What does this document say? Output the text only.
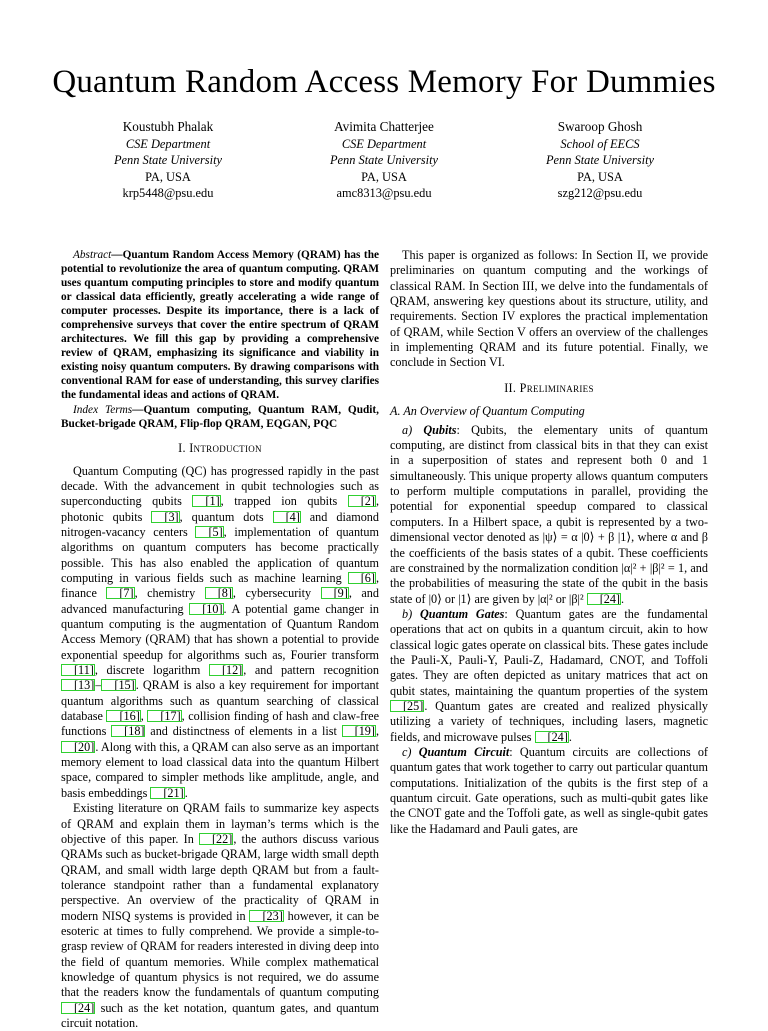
Quantum Random Access Memory For Dummies
Koustubh Phalak
CSE Department
Penn State University
PA, USA
krp5448@psu.edu
Avimita Chatterjee
CSE Department
Penn State University
PA, USA
amc8313@psu.edu
Swaroop Ghosh
School of EECS
Penn State University
PA, USA
szg212@psu.edu

Abstract—Quantum Random Access Memory (QRAM) has the potential to revolutionize the area of quantum computing. QRAM uses quantum computing principles to store and modify quantum or classical data efficiently, greatly accelerating a wide range of computer processes. Despite its importance, there is a lack of comprehensive surveys that cover the entire spectrum of QRAM architectures. We fill this gap by providing a comprehensive review of QRAM, emphasizing its significance and viability in existing noisy quantum computers. By drawing comparisons with conventional RAM for ease of understanding, this survey clarifies the fundamental ideas and actions of QRAM.

Index Terms—Quantum computing, Quantum RAM, Qudit, Bucket-brigade QRAM, Flip-flop QRAM, EQGAN, PQC

I. Introduction

Quantum Computing (QC) has progressed rapidly in the past decade. With the advancement in qubit technologies such as superconducting qubits [1], trapped ion qubits [2], photonic qubits [3], quantum dots [4] and diamond nitrogen-vacancy centers [5], implementation of quantum algorithms on quantum computers has become practically possible. This has also enabled the application of quantum computing in various fields such as machine learning [6], finance [7], chemistry [8], cybersecurity [9], and advanced manufacturing [10]. A potential game changer in quantum computing is the augmentation of Quantum Random Access Memory (QRAM) that has shown a potential to provide exponential speedup for algorithms such as, Fourier transform [11], discrete logarithm [12], and pattern recognition [13]– [15]. QRAM is also a key requirement for important quantum algorithms such as quantum searching of classical database [16], [17], collision finding of hash and claw-free functions [18] and distinctness of elements in a list [19], [20]. Along with this, a QRAM can also serve as an important memory element to load classical data into the quantum Hilbert space, compared to simpler methods like amplitude, angle, and basis embeddings [21].

Existing literature on QRAM fails to summarize key aspects of QRAM and explain them in layman’s terms which is the objective of this paper. In [22], the authors discuss various QRAMs such as bucket-brigade QRAM, large width small depth QRAM, and small width large depth QRAM but from a fault-tolerance standpoint rather than a fundamental explanatory perspective. An overview of the practicality of QRAM in modern NISQ systems is provided in [23] however, it can be esoteric at times to fully comprehend. We provide a simple-to-grasp review of QRAM for readers interested in diving deep into the field of quantum memories. While complex mathematical knowledge of quantum physics is not required, we do assume that the readers know the fundamentals of quantum computing [24] such as the ket notation, quantum gates, and quantum circuit notation.

This paper is organized as follows: In Section II, we provide preliminaries on quantum computing and the workings of classical RAM. In Section III, we delve into the fundamentals of QRAM, answering key questions about its structure, utility, and requirements. Section IV explores the practical implementation of QRAM, while Section V offers an overview of the challenges in implementing QRAM and its future potential. Finally, we conclude in Section VI.

II. Preliminaries
A. An Overview of Quantum Computing

a) Qubits: Qubits, the elementary units of quantum computing, are distinct from classical bits in that they can exist in a superposition of states and represent both 0 and 1 simultaneously. This unique property allows quantum computers to perform multiple computations in parallel, providing the potential for exponential speedup compared to classical computers. In a Hilbert space, a qubit is represented by a two-dimensional vector denoted as |ψ⟩ = α |0⟩ + β |1⟩, where α and β the coefficients of the basis states of a qubit. These coefficients are constrained by the normalization condition |α|² + |β|² = 1, and the probabilities of measuring the state of the qubit in the basis state of |0⟩ or |1⟩ are given by |α|² or |β|² [24].

b) Quantum Gates: Quantum gates are the fundamental operations that act on qubits in a quantum circuit, akin to how classical logic gates operate on classical bits. These gates include the Pauli-X, Pauli-Y, Pauli-Z, Hadamard, CNOT, and Toffoli gates. They are often depicted as unitary matrices that act on qubit states, maintaining the quantum properties of the system [25]. Quantum gates are created and realized physically utilizing a variety of techniques, including lasers, magnetic fields, and microwave pulses [24].

c) Quantum Circuit: Quantum circuits are collections of quantum gates that work together to carry out particular quantum computations. Initialization of the qubits is the first step of a quantum circuit. Gate operations, such as multi-qubit gates like the CNOT gate and the Toffoli gate, as well as single-qubit gates like the Hadamard and Pauli gates, are
